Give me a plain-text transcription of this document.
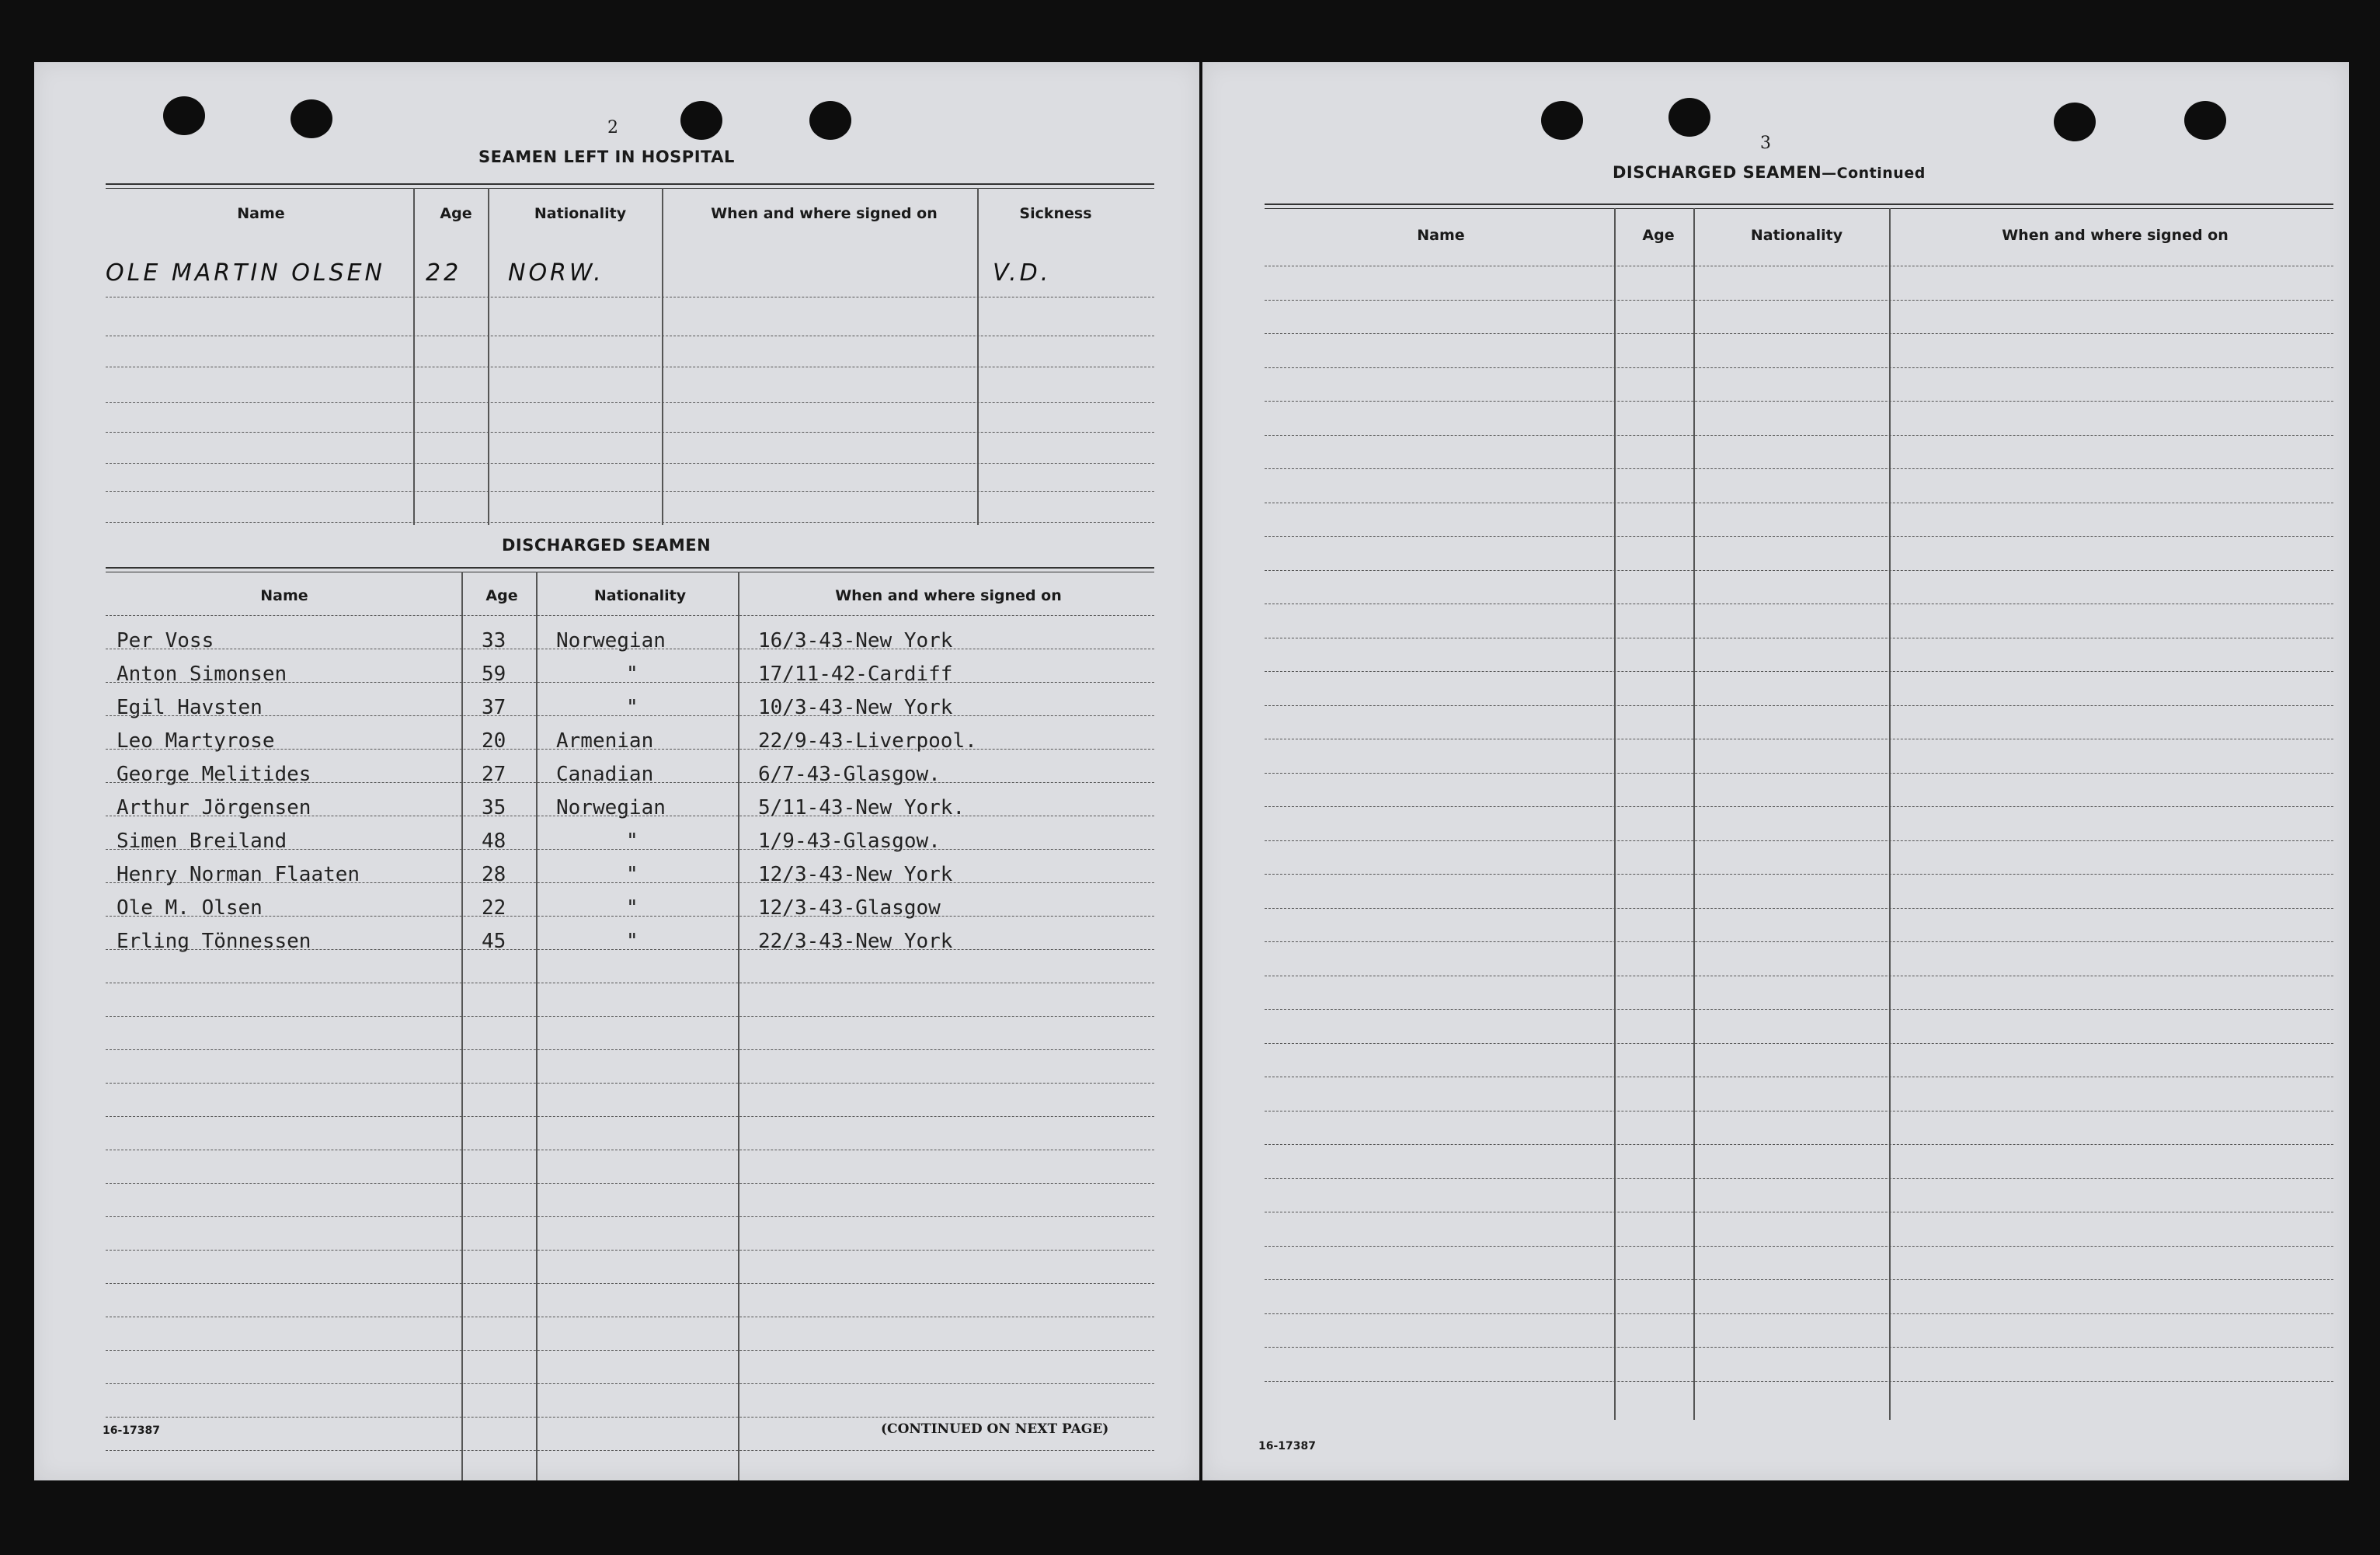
2
SEAMEN LEFT IN HOSPITAL
Name	Age	Nationality	When and where signed on	Sickness
OLE MARTIN OLSEN 22 NORW.	V.D.
DISCHARGED SEAMEN
Name	Age	Nationality	When and where signed on
Per Voss	33 Norwegian	16/3-43-New York
Anton Simonsen	59	"	17/11-42-Cardiff
Egil Havsten	37	"	10/3-43-New York
Leo Martyrose	20 Armenian	22/9-43-Liverpool.
George Melitides	27 Canadian	6/7-43-Glasgow.
Arthur Jörgensen	35 Norwegian	5/11-43-New York.
Simen Breiland	48	"	1/9-43-Glasgow.
Henry Norman Flaaten	28	"	12/3-43-New York
Ole M. Olsen	22	"	12/3-43-Glasgow
Erling Tönnessen	45	"	22/3-43-New York
16-17387	(CONTINUED ON NEXT PAGE)
3
DISCHARGED SEAMEN—Continued
Name	Age	Nationality	When and where signed on
16-17387
